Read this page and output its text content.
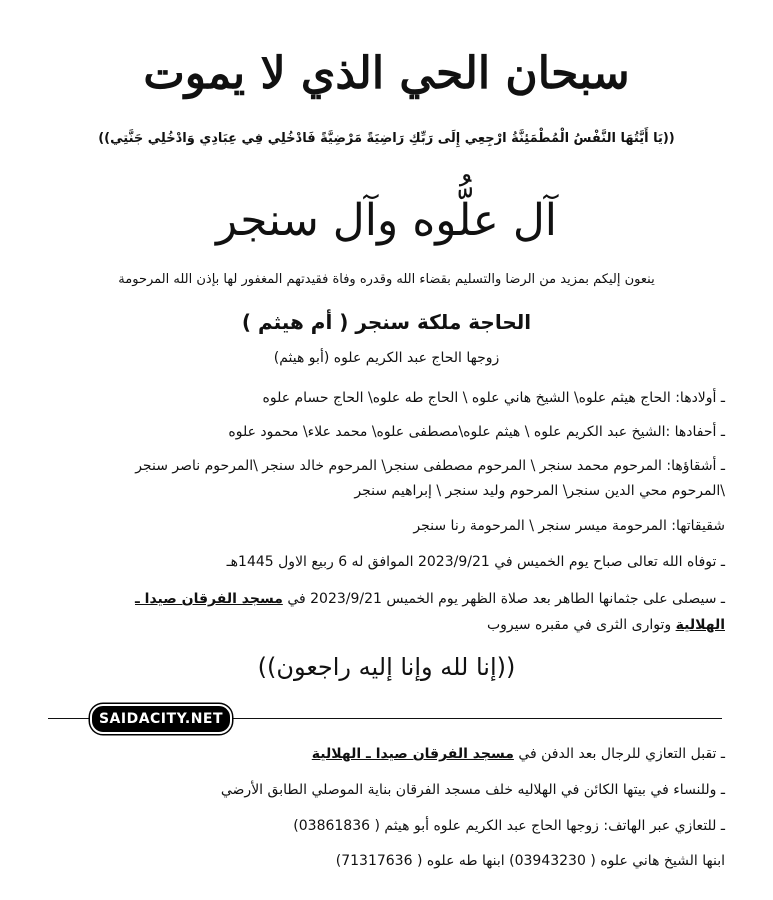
سبحان الحي الذي لا يموت
((يَا أَيَّتُهَا النَّفْسُ الْمُطْمَئِنَّةُ ارْجِعِي إِلَى رَبِّكِ رَاضِيَةً مَرْضِيَّةً فَادْخُلِي فِي عِبَادِي وَادْخُلِي جَنَّتِي))
آل علُّوه وآل سنجر
ينعون إليكم بمزيد من الرضا والتسليم بقضاء الله وقدره وفاة فقيدتهم المغفور لها بإذن الله المرحومة
الحاجة ملكة سنجر ( أم هيثم )
زوجها الحاج عبد الكريم علوه (أبو هيثم)
ـ أولادها: الحاج هيثم علوه\ الشيخ هاني علوه \ الحاج طه علوه\ الحاج حسام علوه
ـ أحفادها :الشيخ عبد الكريم علوه \ هيثم علوه\مصطفى علوه\ محمد علاء\ محمود علوه
ـ أشقاؤها: المرحوم محمد سنجر \ المرحوم مصطفى سنجر\ المرحوم خالد سنجر \المرحوم ناصر سنجر
\المرحوم محي الدين سنجر\ المرحوم وليد سنجر \ إبراهيم سنجر
شقيقاتها: المرحومة ميسر سنجر \ المرحومة رنا سنجر
ـ توفاه الله تعالى صباح يوم الخميس في 2023/9/21 الموافق له 6 ربيع الاول 1445هـ
ـ سيصلى على جثمانها الطاهر بعد صلاة الظهر يوم الخميس 2023/9/21 في مسجد الفرقان صيدا ـ
الهلالية وتوارى الثرى في مقبره سيروب
((إنا لله وإنا إليه راجعون))
SAIDACITY.NET
ـ تقبل التعازي للرجال بعد الدفن في مسجد الفرقان صيدا ـ الهلالية
ـ وللنساء في بيتها الكائن في الهلاليه خلف مسجد الفرقان بناية الموصلي الطابق الأرضي
ـ للتعازي عبر الهاتف: زوجها الحاج عبد الكريم علوه أبو هيثم ( 03861836)
ابنها الشيخ هاني علوه ( 03943230) ابنها طه علوه ( 71317636)
